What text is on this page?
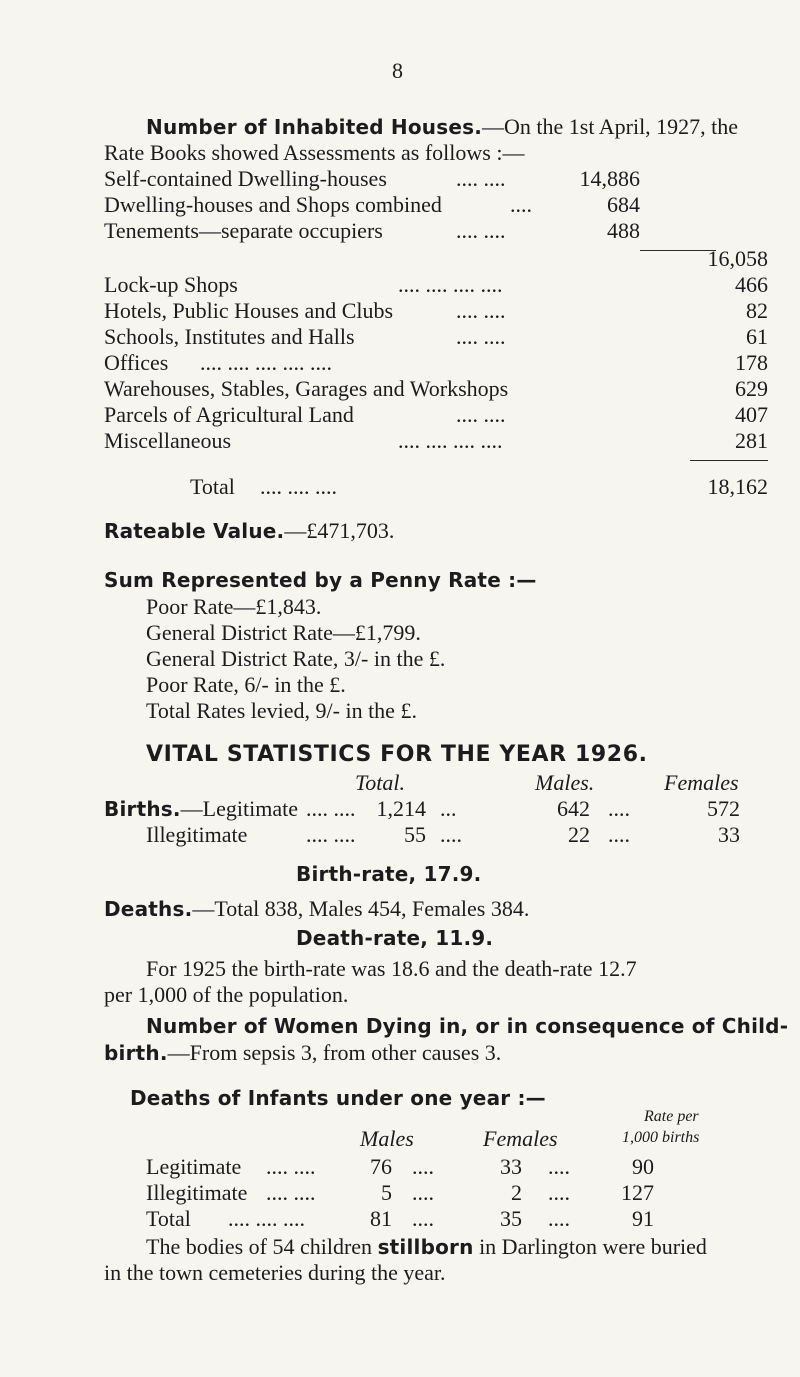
8
Number of Inhabited Houses.—On the 1st April, 1927, the
Rate Books showed Assessments as follows :—
Self-contained Dwelling-houses	.... ....	14,886
Dwelling-houses and Shops combined	....	684
Tenements—separate occupiers	.... ....	488
16,058
Lock-up Shops	.... .... .... ....	466
Hotels, Public Houses and Clubs	.... ....	82
Schools, Institutes and Halls	.... ....	61
Offices .... .... .... .... ....	178
Warehouses, Stables, Garages and Workshops	629
Parcels of Agricultural Land	.... ....	407
Miscellaneous	.... .... .... ....	281
Total .... .... ....	18,162
Rateable Value.—£471,703.
Sum Represented by a Penny Rate :—
Poor Rate—£1,843.
General District Rate—£1,799.
General District Rate, 3/- in the £.
Poor Rate, 6/- in the £.
Total Rates levied, 9/- in the £.
VITAL STATISTICS FOR THE YEAR 1926.
Total.	Males.	Females
Births.—Legitimate .... .... 1,214 ...	642 ....	572
Illegitimate	.... ....	55 ....	22 ....	33
Birth-rate, 17.9.
Deaths.—Total 838, Males 454, Females 384.
Death-rate, 11.9.
For 1925 the birth-rate was 18.6 and the death-rate 12.7
per 1,000 of the population.
Number of Women Dying in, or in consequence of Child-
birth.—From sepsis 3, from other causes 3.
Deaths of Infants under one year :—
Rate per
Males	Females	1,000 births
Legitimate .... ....	76 ....	33 ....	90
Illegitimate .... ....	5 ....	2 ....	127
Total .... .... ....	81 ....	35 ....	91
The bodies of 54 children stillborn in Darlington were buried
in the town cemeteries during the year.
